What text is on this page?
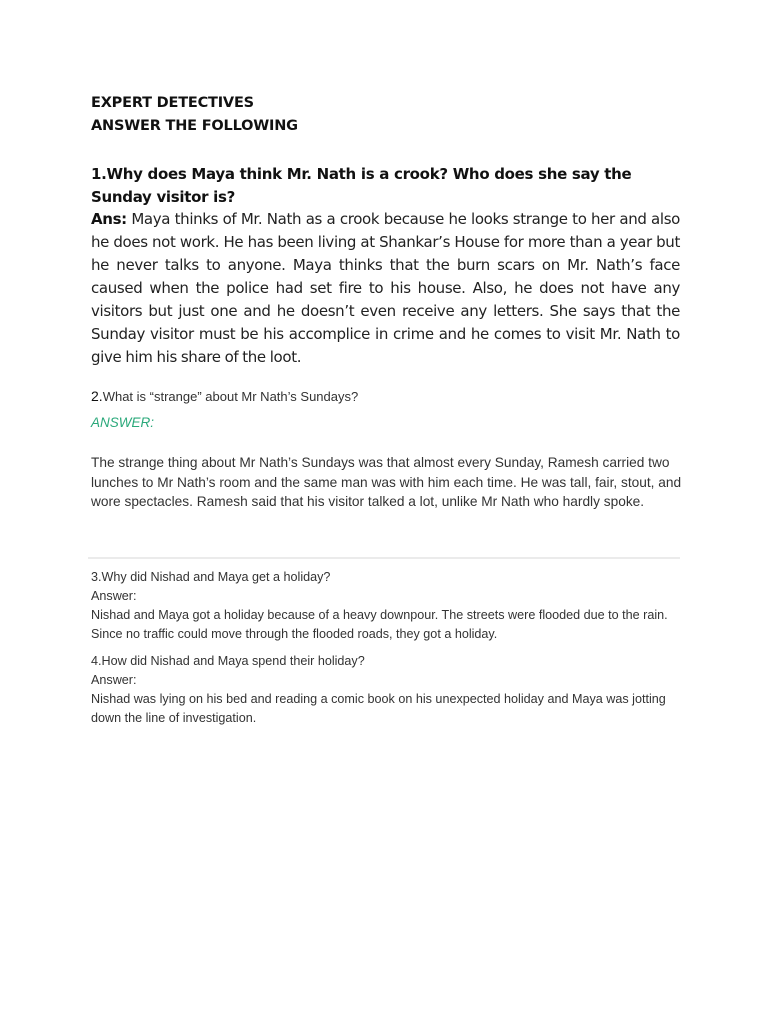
EXPERT DETECTIVES
ANSWER THE FOLLOWING
1.Why does Maya think Mr. Nath is a crook? Who does she say the Sunday visitor is?
Ans: Maya thinks of Mr. Nath as a crook because he looks strange to her and also he does not work. He has been living at Shankar’s House for more than a year but he never talks to anyone. Maya thinks that the burn scars on Mr. Nath’s face caused when the police had set fire to his house. Also, he does not have any visitors but just one and he doesn’t even receive any letters. She says that the Sunday visitor must be his accomplice in crime and he comes to visit Mr. Nath to give him his share of the loot.
2.What is “strange” about Mr Nath’s Sundays?
ANSWER:
The strange thing about Mr Nath’s Sundays was that almost every Sunday, Ramesh carried two lunches to Mr Nath’s room and the same man was with him each time. He was tall, fair, stout, and wore spectacles. Ramesh said that his visitor talked a lot, unlike Mr Nath who hardly spoke.
3.Why did Nishad and Maya get a holiday?
Answer:
Nishad and Maya got a holiday because of a heavy downpour. The streets were flooded due to the rain. Since no traffic could move through the flooded roads, they got a holiday.
4.How did Nishad and Maya spend their holiday?
Answer:
Nishad was lying on his bed and reading a comic book on his unexpected holiday and Maya was jotting down the line of investigation.
